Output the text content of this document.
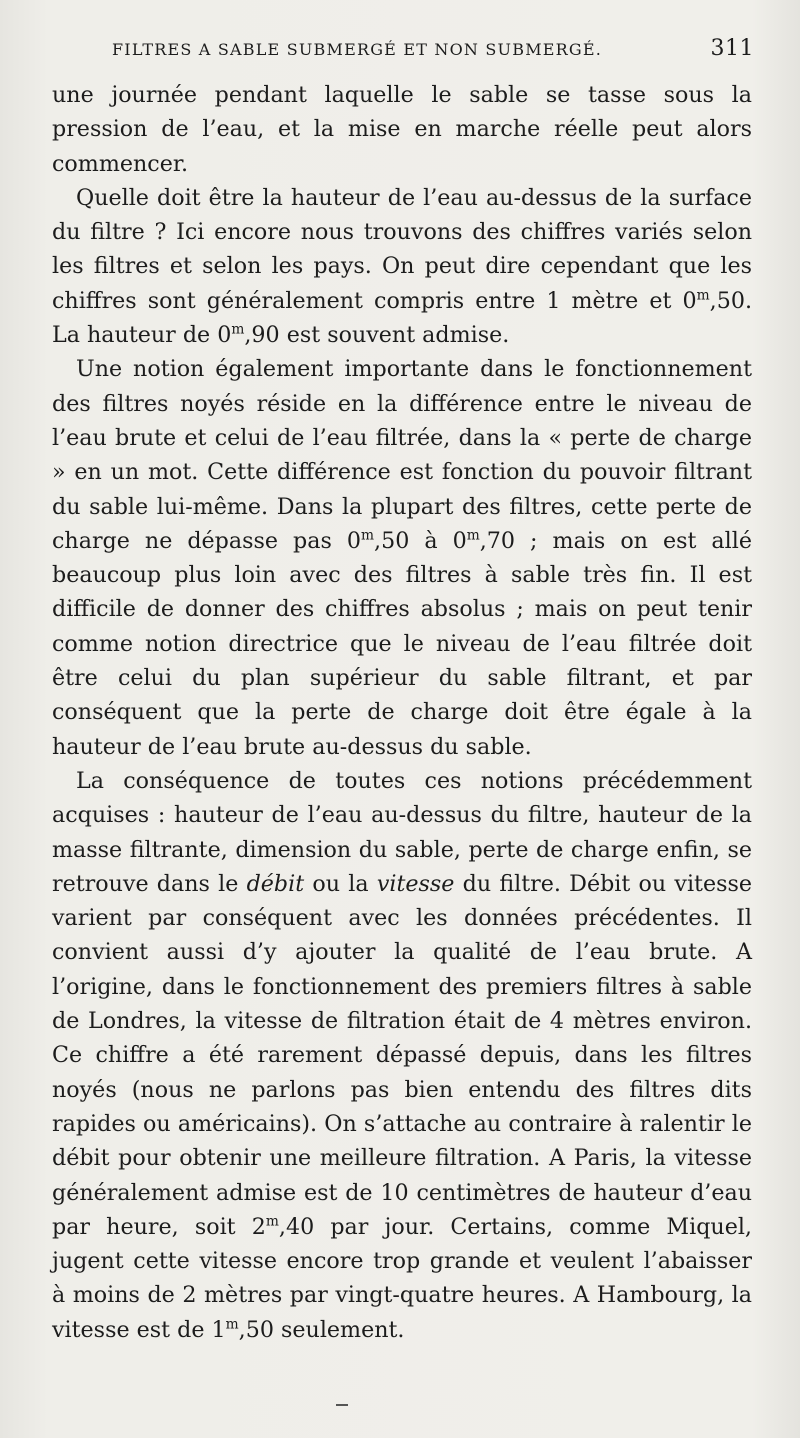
FILTRES A SABLE SUBMERGÉ ET NON SUBMERGÉ.	311

une journée pendant laquelle le sable se tasse sous la pression de l’eau, et la mise en marche réelle peut alors commencer.

Quelle doit être la hauteur de l’eau au-dessus de la surface du filtre ? Ici encore nous trouvons des chiffres variés selon les filtres et selon les pays. On peut dire cependant que les chiffres sont généralement compris entre 1 mètre et 0$^m$,50. La hauteur de 0$^m$,90 est souvent admise.

Une notion également importante dans le fonctionnement des filtres noyés réside en la différence entre le niveau de l’eau brute et celui de l’eau filtrée, dans la « perte de charge » en un mot. Cette différence est fonction du pouvoir filtrant du sable lui-même. Dans la plupart des filtres, cette perte de charge ne dépasse pas 0$^m$,50 à 0$^m$,70 ; mais on est allé beaucoup plus loin avec des filtres à sable très fin. Il est difficile de donner des chiffres absolus ; mais on peut tenir comme notion directrice que le niveau de l’eau filtrée doit être celui du plan supérieur du sable filtrant, et par conséquent que la perte de charge doit être égale à la hauteur de l’eau brute au-dessus du sable.

La conséquence de toutes ces notions précédemment acquises : hauteur de l’eau au-dessus du filtre, hauteur de la masse filtrante, dimension du sable, perte de charge enfin, se retrouve dans le débit ou la vitesse du filtre. Débit ou vitesse varient par conséquent avec les données précédentes. Il convient aussi d’y ajouter la qualité de l’eau brute. A l’origine, dans le fonctionnement des premiers filtres à sable de Londres, la vitesse de filtration était de 4 mètres environ. Ce chiffre a été rarement dépassé depuis, dans les filtres noyés (nous ne parlons pas bien entendu des filtres dits rapides ou américains). On s’attache au contraire à ralentir le débit pour obtenir une meilleure filtration. A Paris, la vitesse généralement admise est de 10 centimètres de hauteur d’eau par heure, soit 2$^m$,40 par jour. Certains, comme Miquel, jugent cette vitesse encore trop grande et veulent l’abaisser à moins de 2 mètres par vingt-quatre heures. A Hambourg, la vitesse est de 1$^m$,50 seulement.
